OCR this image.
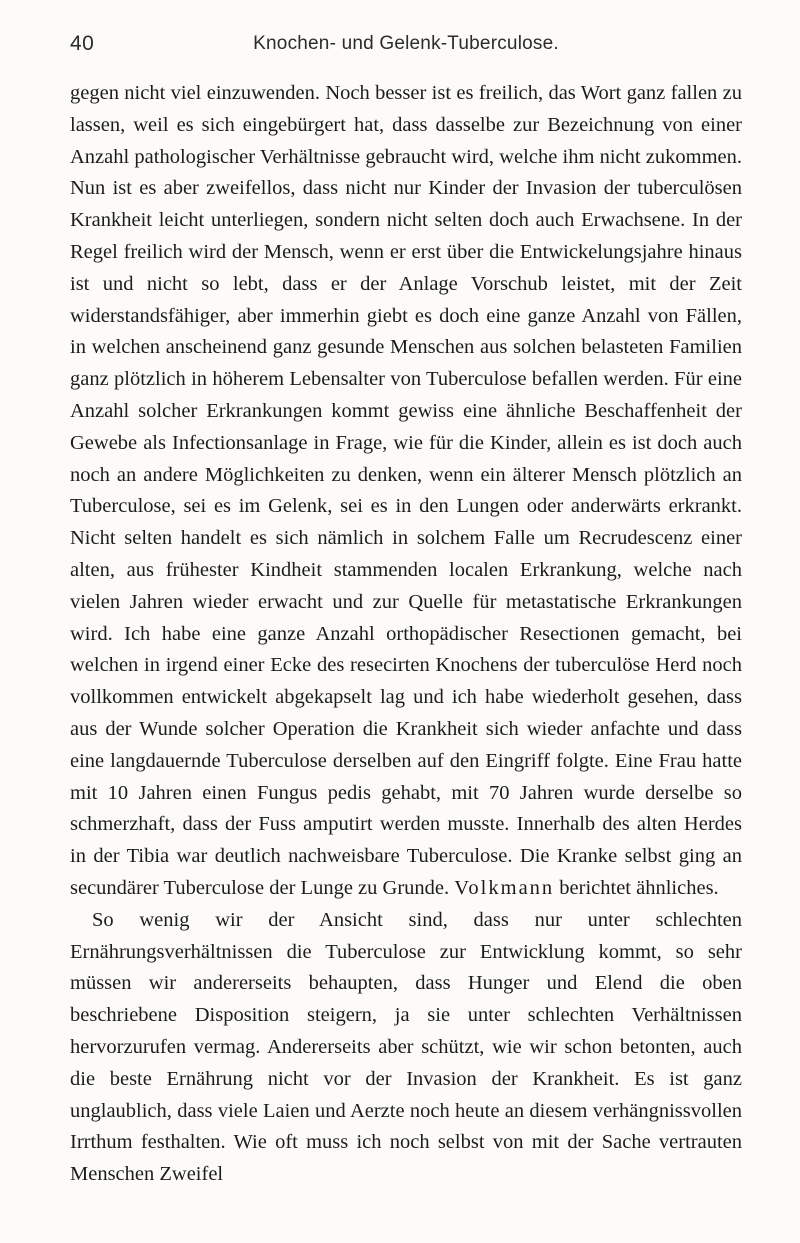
40	Knochen- und Gelenk-Tuberculose.

gegen nicht viel einzuwenden. Noch besser ist es freilich, das Wort ganz fallen zu lassen, weil es sich eingebürgert hat, dass dasselbe zur Bezeichnung von einer Anzahl pathologischer Verhältnisse gebraucht wird, welche ihm nicht zukommen. Nun ist es aber zweifellos, dass nicht nur Kinder der Invasion der tuberculösen Krankheit leicht unterliegen, sondern nicht selten doch auch Erwachsene. In der Regel freilich wird der Mensch, wenn er erst über die Entwickelungsjahre hinaus ist und nicht so lebt, dass er der Anlage Vorschub leistet, mit der Zeit widerstandsfähiger, aber immerhin giebt es doch eine ganze Anzahl von Fällen, in welchen anscheinend ganz gesunde Menschen aus solchen belasteten Familien ganz plötzlich in höherem Lebensalter von Tuberculose befallen werden. Für eine Anzahl solcher Erkrankungen kommt gewiss eine ähnliche Beschaffenheit der Gewebe als Infectionsanlage in Frage, wie für die Kinder, allein es ist doch auch noch an andere Möglichkeiten zu denken, wenn ein älterer Mensch plötzlich an Tuberculose, sei es im Gelenk, sei es in den Lungen oder anderwärts erkrankt. Nicht selten handelt es sich nämlich in solchem Falle um Recrudescenz einer alten, aus frühester Kindheit stammenden localen Erkrankung, welche nach vielen Jahren wieder erwacht und zur Quelle für metastatische Erkrankungen wird. Ich habe eine ganze Anzahl orthopädischer Resectionen gemacht, bei welchen in irgend einer Ecke des resecirten Knochens der tuberculöse Herd noch vollkommen entwickelt abgekapselt lag und ich habe wiederholt gesehen, dass aus der Wunde solcher Operation die Krankheit sich wieder anfachte und dass eine langdauernde Tuberculose derselben auf den Eingriff folgte. Eine Frau hatte mit 10 Jahren einen Fungus pedis gehabt, mit 70 Jahren wurde derselbe so schmerzhaft, dass der Fuss amputirt werden musste. Innerhalb des alten Herdes in der Tibia war deutlich nachweisbare Tuberculose. Die Kranke selbst ging an secundärer Tuberculose der Lunge zu Grunde. Volkmann berichtet ähnliches.

So wenig wir der Ansicht sind, dass nur unter schlechten Ernährungsverhältnissen die Tuberculose zur Entwicklung kommt, so sehr müssen wir andererseits behaupten, dass Hunger und Elend die oben beschriebene Disposition steigern, ja sie unter schlechten Verhältnissen hervorzurufen vermag. Andererseits aber schützt, wie wir schon betonten, auch die beste Ernährung nicht vor der Invasion der Krankheit. Es ist ganz unglaublich, dass viele Laien und Aerzte noch heute an diesem verhängnissvollen Irrthum festhalten. Wie oft muss ich noch selbst von mit der Sache vertrauten Menschen Zweifel
